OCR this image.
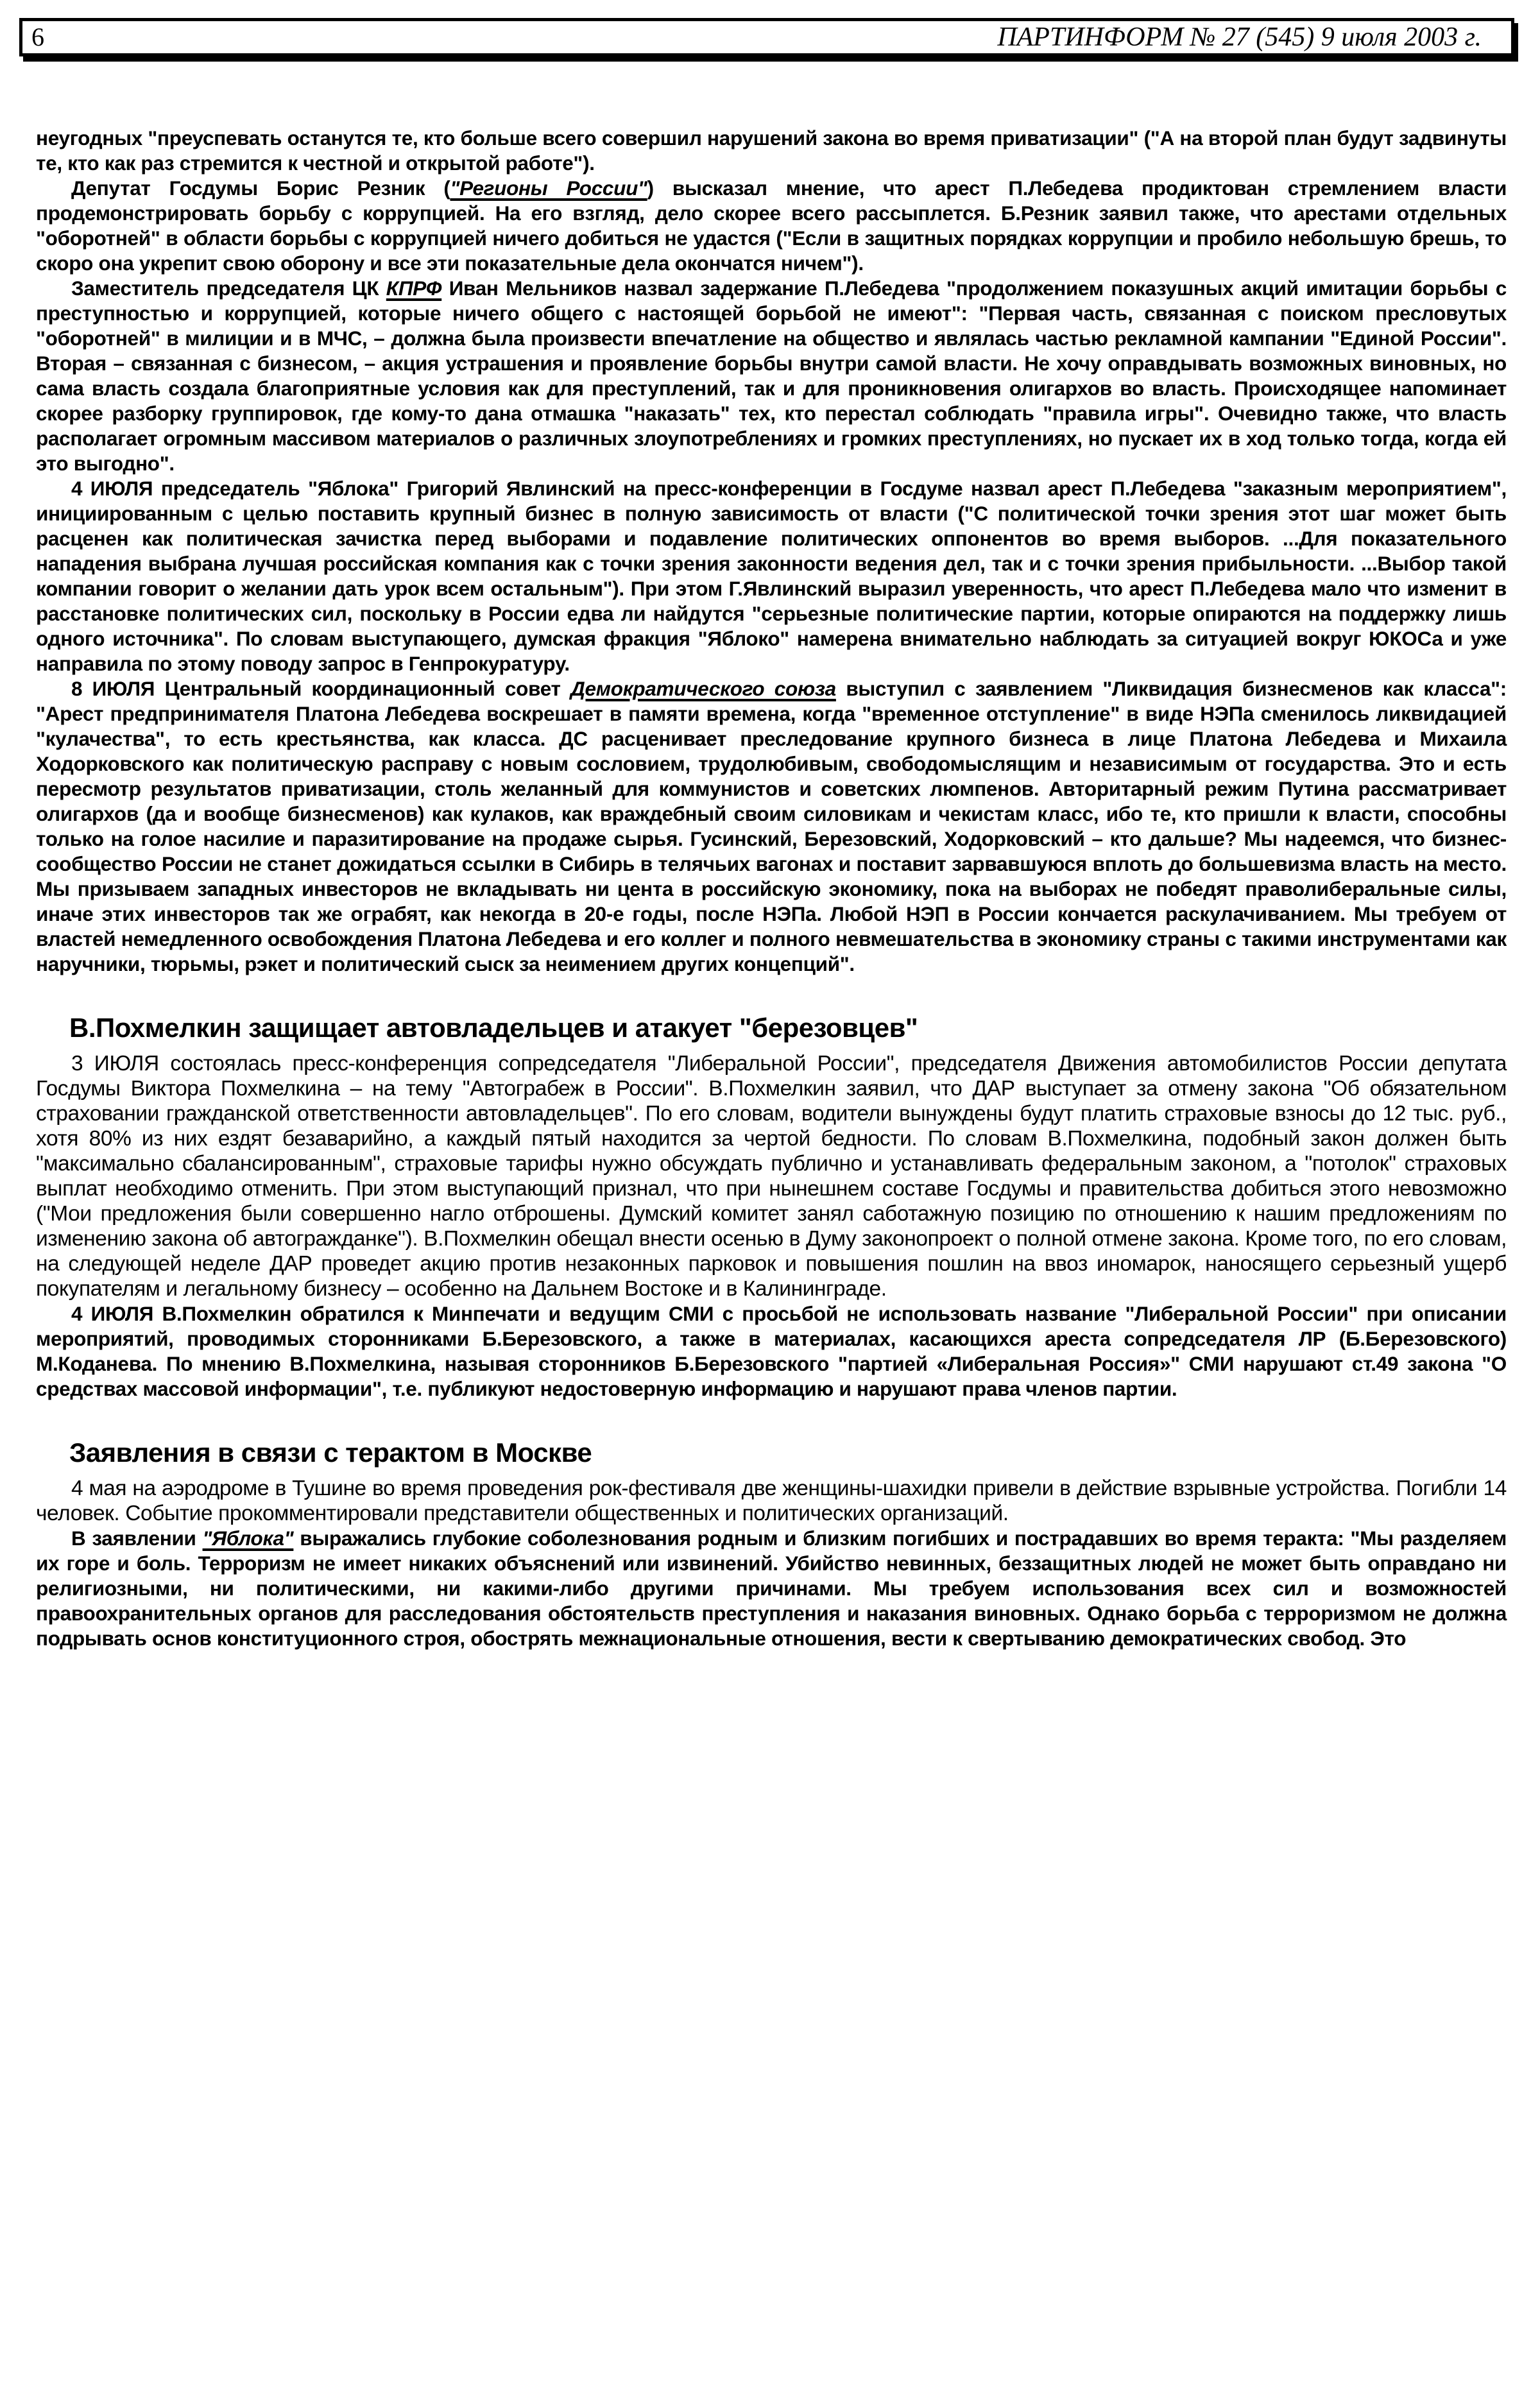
6	ПАРТИНФОРМ № 27 (545) 9 июля 2003 г.

неугодных "преуспевать останутся те, кто больше всего совершил нарушений закона во время приватизации" ("А на второй план будут задвинуты те, кто как раз стремится к честной и открытой работе").

Депутат Госдумы Борис Резник ("Регионы России") высказал мнение, что арест П.Лебедева продиктован стремлением власти продемонстрировать борьбу с коррупцией. На его взгляд, дело скорее всего рассыплется. Б.Резник заявил также, что арестами отдельных "оборотней" в области борьбы с коррупцией ничего добиться не удастся ("Если в защитных порядках коррупции и пробило небольшую брешь, то скоро она укрепит свою оборону и все эти показательные дела окончатся ничем").

Заместитель председателя ЦК КПРФ Иван Мельников назвал задержание П.Лебедева "продолжением показушных акций имитации борьбы с преступностью и коррупцией, которые ничего общего с настоящей борьбой не имеют": "Первая часть, связанная с поиском пресловутых "оборотней" в милиции и в МЧС, – должна была произвести впечатление на общество и являлась частью рекламной кампании "Единой России". Вторая – связанная с бизнесом, – акция устрашения и проявление борьбы внутри самой власти. Не хочу оправдывать возможных виновных, но сама власть создала благоприятные условия как для преступлений, так и для проникновения олигархов во власть. Происходящее напоминает скорее разборку группировок, где кому-то дана отмашка "наказать" тех, кто перестал соблюдать "правила игры". Очевидно также, что власть располагает огромным массивом материалов о различных злоупотреблениях и громких преступлениях, но пускает их в ход только тогда, когда ей это выгодно".

4 ИЮЛЯ председатель "Яблока" Григорий Явлинский на пресс-конференции в Госдуме назвал арест П.Лебедева "заказным мероприятием", инициированным с целью поставить крупный бизнес в полную зависимость от власти ("С политической точки зрения этот шаг может быть расценен как политическая зачистка перед выборами и подавление политических оппонентов во время выборов. ...Для показательного нападения выбрана лучшая российская компания как с точки зрения законности ведения дел, так и с точки зрения прибыльности. ...Выбор такой компании говорит о желании дать урок всем остальным"). При этом Г.Явлинский выразил уверенность, что арест П.Лебедева мало что изменит в расстановке политических сил, поскольку в России едва ли найдутся "серьезные политические партии, которые опираются на поддержку лишь одного источника". По словам выступающего, думская фракция "Яблоко" намерена внимательно наблюдать за ситуацией вокруг ЮКОСа и уже направила по этому поводу запрос в Генпрокуратуру.

8 ИЮЛЯ Центральный координационный совет Демократического союза выступил с заявлением "Ликвидация бизнесменов как класса": "Арест предпринимателя Платона Лебедева воскрешает в памяти времена, когда "временное отступление" в виде НЭПа сменилось ликвидацией "кулачества", то есть крестьянства, как класса. ДС расценивает преследование крупного бизнеса в лице Платона Лебедева и Михаила Ходорковского как политическую расправу с новым сословием, трудолюбивым, свободомыслящим и независимым от государства. Это и есть пересмотр результатов приватизации, столь желанный для коммунистов и советских люмпенов. Авторитарный режим Путина рассматривает олигархов (да и вообще бизнесменов) как кулаков, как враждебный своим силовикам и чекистам класс, ибо те, кто пришли к власти, способны только на голое насилие и паразитирование на продаже сырья. Гусинский, Березовский, Ходорковский – кто дальше? Мы надеемся, что бизнес-сообщество России не станет дожидаться ссылки в Сибирь в телячьих вагонах и поставит зарвавшуюся вплоть до большевизма власть на место. Мы призываем западных инвесторов не вкладывать ни цента в российскую экономику, пока на выборах не победят праволиберальные силы, иначе этих инвесторов так же ограбят, как некогда в 20-е годы, после НЭПа. Любой НЭП в России кончается раскулачиванием. Мы требуем от властей немедленного освобождения Платона Лебедева и его коллег и полного невмешательства в экономику страны с такими инструментами как наручники, тюрьмы, рэкет и политический сыск за неимением других концепций".

В.Похмелкин защищает автовладельцев и атакует "березовцев"

3 ИЮЛЯ состоялась пресс-конференция сопредседателя "Либеральной России", председателя Движения автомобилистов России депутата Госдумы Виктора Похмелкина – на тему "Автограбеж в России". В.Похмелкин заявил, что ДАР выступает за отмену закона "Об обязательном страховании гражданской ответственности автовладельцев". По его словам, водители вынуждены будут платить страховые взносы до 12 тыс. руб., хотя 80% из них ездят безаварийно, а каждый пятый находится за чертой бедности. По словам В.Похмелкина, подобный закон должен быть "максимально сбалансированным", страховые тарифы нужно обсуждать публично и устанавливать федеральным законом, а "потолок" страховых выплат необходимо отменить. При этом выступающий признал, что при нынешнем составе Госдумы и правительства добиться этого невозможно ("Мои предложения были совершенно нагло отброшены. Думский комитет занял саботажную позицию по отношению к нашим предложениям по изменению закона об автогражданке"). В.Похмелкин обещал внести осенью в Думу законопроект о полной отмене закона. Кроме того, по его словам, на следующей неделе ДАР проведет акцию против незаконных парковок и повышения пошлин на ввоз иномарок, наносящего серьезный ущерб покупателям и легальному бизнесу – особенно на Дальнем Востоке и в Калининграде.

4 ИЮЛЯ В.Похмелкин обратился к Минпечати и ведущим СМИ с просьбой не использовать название "Либеральной России" при описании мероприятий, проводимых сторонниками Б.Березовского, а также в материалах, касающихся ареста сопредседателя ЛР (Б.Березовского) М.Коданева. По мнению В.Похмелкина, называя сторонников Б.Березовского "партией «Либеральная Россия»" СМИ нарушают ст.49 закона "О средствах массовой информации", т.е. публикуют недостоверную информацию и нарушают права членов партии.

Заявления в связи с терактом в Москве

4 мая на аэродроме в Тушине во время проведения рок-фестиваля две женщины-шахидки привели в действие взрывные устройства. Погибли 14 человек. Событие прокомментировали представители общественных и политических организаций.

В заявлении "Яблока" выражались глубокие соболезнования родным и близким погибших и пострадавших во время теракта: "Мы разделяем их горе и боль. Терроризм не имеет никаких объяснений или извинений. Убийство невинных, беззащитных людей не может быть оправдано ни религиозными, ни политическими, ни какими-либо другими причинами. Мы требуем использования всех сил и возможностей правоохранительных органов для расследования обстоятельств преступления и наказания виновных. Однако борьба с терроризмом не должна подрывать основ конституционного строя, обострять межнациональные отношения, вести к свертыванию демократических свобод. Это
